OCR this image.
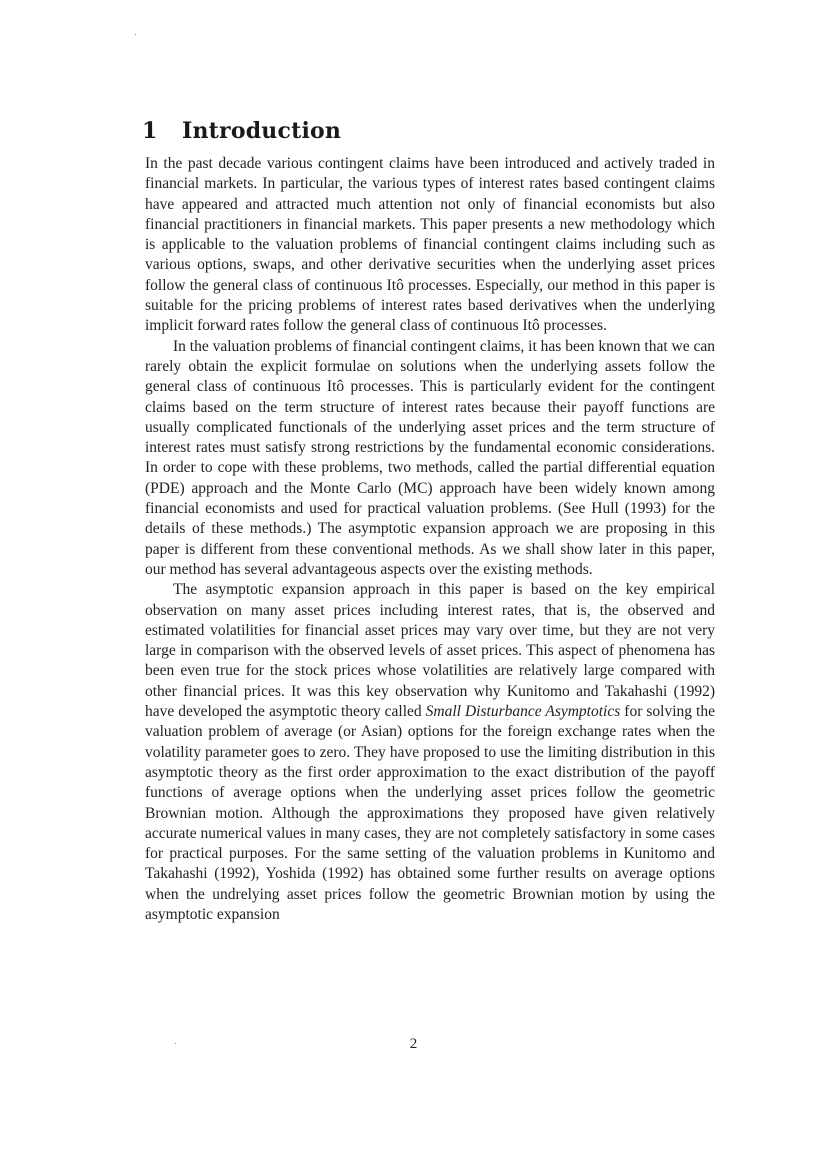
1 Introduction

In the past decade various contingent claims have been introduced and actively traded in financial markets. In particular, the various types of interest rates based contingent claims have appeared and attracted much attention not only of financial economists but also financial practitioners in financial markets. This paper presents a new methodology which is applicable to the valuation problems of financial contingent claims including such as various options, swaps, and other derivative securities when the underlying asset prices follow the general class of continuous Itô processes. Especially, our method in this paper is suitable for the pricing problems of interest rates based derivatives when the underlying implicit forward rates follow the general class of continuous Itô processes.

In the valuation problems of financial contingent claims, it has been known that we can rarely obtain the explicit formulae on solutions when the underlying assets follow the general class of continuous Itô processes. This is particularly evident for the contingent claims based on the term structure of interest rates because their payoff functions are usually complicated functionals of the underlying asset prices and the term structure of interest rates must satisfy strong restrictions by the fundamental economic considerations. In order to cope with these problems, two methods, called the partial differential equation (PDE) approach and the Monte Carlo (MC) approach have been widely known among financial economists and used for practical valuation problems. (See Hull (1993) for the details of these methods.) The asymptotic expansion approach we are proposing in this paper is different from these conventional methods. As we shall show later in this paper, our method has several advantageous aspects over the existing methods.

The asymptotic expansion approach in this paper is based on the key empirical observation on many asset prices including interest rates, that is, the observed and estimated volatilities for financial asset prices may vary over time, but they are not very large in comparison with the observed levels of asset prices. This aspect of phenomena has been even true for the stock prices whose volatilities are relatively large compared with other financial prices. It was this key observation why Kunitomo and Takahashi (1992) have developed the asymptotic theory called Small Disturbance Asymptotics for solving the valuation problem of average (or Asian) options for the foreign exchange rates when the volatility parameter goes to zero. They have proposed to use the limiting distribution in this asymptotic theory as the first order approximation to the exact distribution of the payoff functions of average options when the underlying asset prices follow the geometric Brownian motion. Although the approximations they proposed have given relatively accurate numerical values in many cases, they are not completely satisfactory in some cases for practical purposes. For the same setting of the valuation problems in Kunitomo and Takahashi (1992), Yoshida (1992) has obtained some further results on average options when the undrelying asset prices follow the geometric Brownian motion by using the asymptotic expansion

2
